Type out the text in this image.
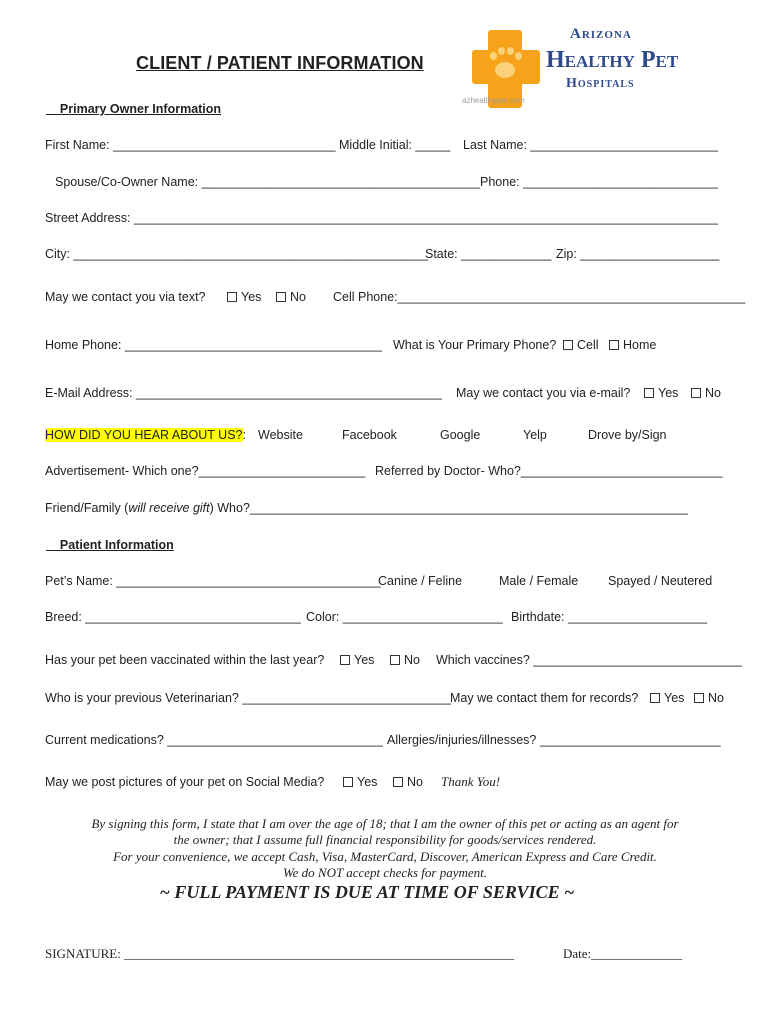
CLIENT / PATIENT INFORMATION
Arizona
Healthy Pet
Hospitals
azhealthypet.com
Primary Owner Information
First Name: ________________________________ Middle Initial: _____ Last Name: ___________________________
Spouse/Co-Owner Name: ________________________________________ Phone: ____________________________
Street Address: ____________________________________________________________________________________
City: ___________________________________________________
State: _____________ Zip: ____________________
May we contact you via text?	Yes	No Cell Phone:__________________________________________________
Home Phone: _____________________________________ What is Your Primary Phone?	Cell	Home
E-Mail Address: ____________________________________________ May we contact you via e-mail?	Yes	No
HOW DID YOU HEAR ABOUT US?: Website	Facebook	Google	Yelp	Drove by/Sign
Advertisement- Which one?________________________ Referred by Doctor- Who?_____________________________
Friend/Family (will receive gift) Who?_______________________________________________________________
Patient Information
Pet’s Name: ______________________________________
Canine / Feline	Male / Female Spayed / Neutered
Breed: _______________________________ Color: _______________________ Birthdate: ____________________
Has your pet been vaccinated within the last year?	Yes	No Which vaccines? ______________________________
Who is your previous Veterinarian? ______________________________ May we contact them for records?	Yes	No
Current medications? _______________________________ Allergies/injuries/illnesses? __________________________
May we post pictures of your pet on Social Media?	Yes	No Thank You!
By signing this form, I state that I am over the age of 18; that I am the owner of this pet or acting as an agent for
the owner; that I assume full financial responsibility for goods/services rendered.
For your convenience, we accept Cash, Visa, MasterCard, Discover, American Express and Care Credit.
We do NOT accept checks for payment.
~ FULL PAYMENT IS DUE AT TIME OF SERVICE ~
SIGNATURE: ____________________________________________________________	Date:______________
